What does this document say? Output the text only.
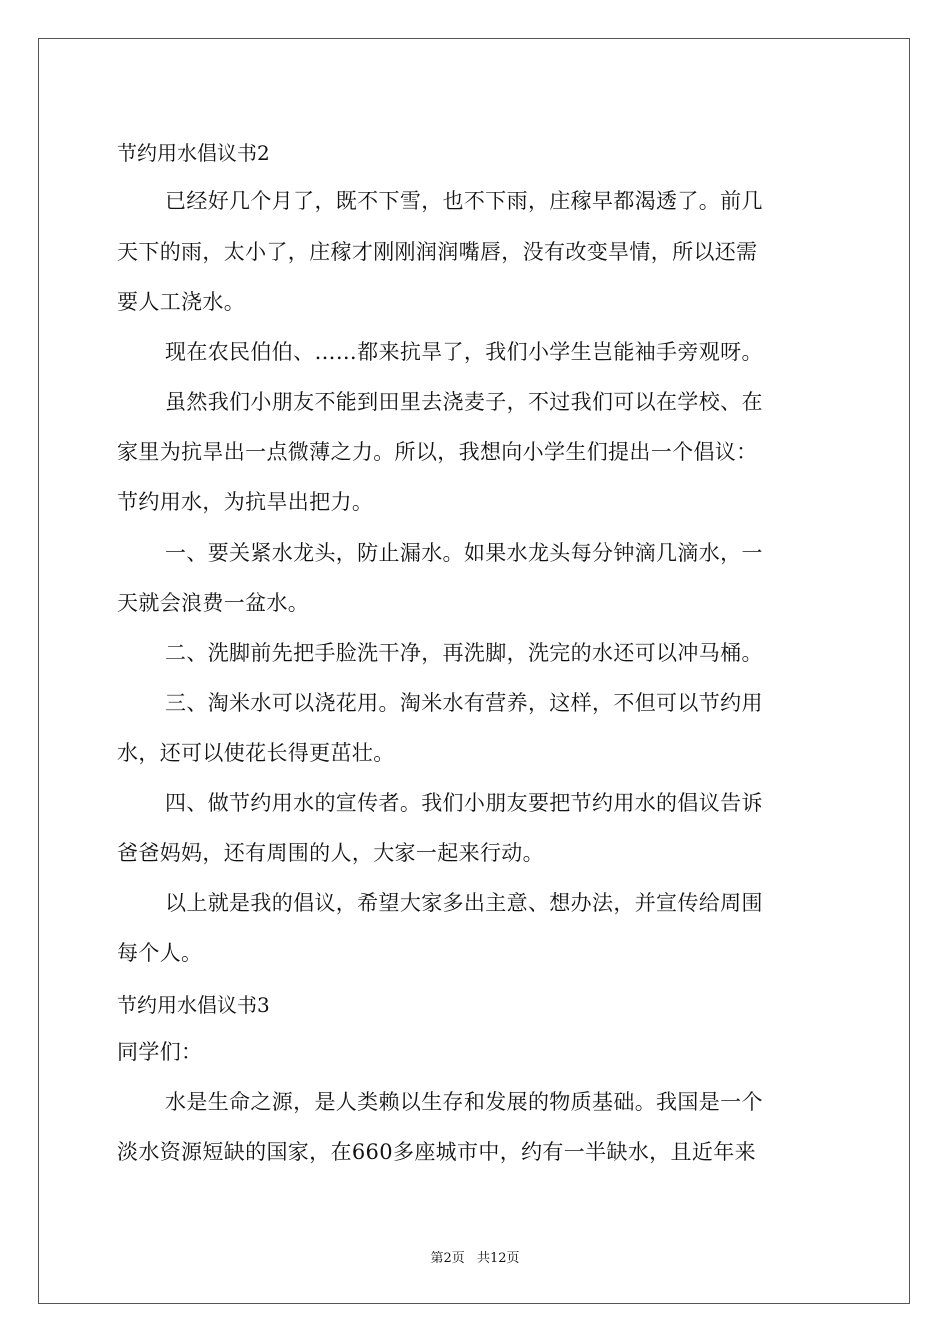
节约用水倡议书2
已经好几个月了，既不下雪，也不下雨，庄稼早都渴透了。前几
天下的雨，太小了，庄稼才刚刚润润嘴唇，没有改变旱情，所以还需
要人工浇水。
现在农民伯伯、……都来抗旱了，我们小学生岂能袖手旁观呀。
虽然我们小朋友不能到田里去浇麦子，不过我们可以在学校、在
家里为抗旱出一点微薄之力。所以，我想向小学生们提出一个倡议：
节约用水，为抗旱出把力。
一、要关紧水龙头，防止漏水。如果水龙头每分钟滴几滴水，一
天就会浪费一盆水。
二、洗脚前先把手脸洗干净，再洗脚，洗完的水还可以冲马桶。
三、淘米水可以浇花用。淘米水有营养，这样，不但可以节约用
水，还可以使花长得更茁壮。
四、做节约用水的宣传者。我们小朋友要把节约用水的倡议告诉
爸爸妈妈，还有周围的人，大家一起来行动。
以上就是我的倡议，希望大家多出主意、想办法，并宣传给周围
每个人。
节约用水倡议书3
同学们：
水是生命之源，是人类赖以生存和发展的物质基础。我国是一个
淡水资源短缺的国家，在660多座城市中，约有一半缺水，且近年来
第2页 共12页
